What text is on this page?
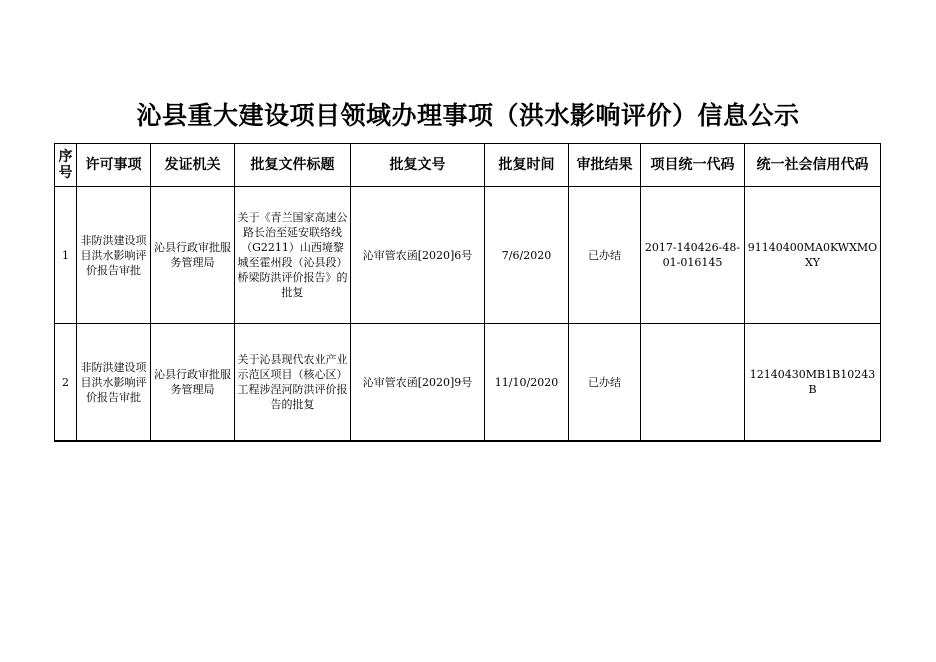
沁县重大建设项目领域办理事项（洪水影响评价）信息公示
序号	许可事项	发证机关	批复文件标题	批复文号	批复时间	审批结果	项目统一代码	统一社会信用代码
1	非防洪建设项目洪水影响评价报告审批	沁县行政审批服务管理局	关于《青兰国家高速公路长治至延安联络线（G2211）山西境黎城至霍州段（沁县段）桥梁防洪评价报告》的批复	沁审管农函[2020]6号	7/6/2020	已办结	2017-140426-48-01-016145	91140400MA0KWXMOXY
2	非防洪建设项目洪水影响评价报告审批	沁县行政审批服务管理局	关于沁县现代农业产业示范区项目（核心区）工程涉涅河防洪评价报告的批复	沁审管农函[2020]9号	11/10/2020	已办结		12140430MB1B10243B
